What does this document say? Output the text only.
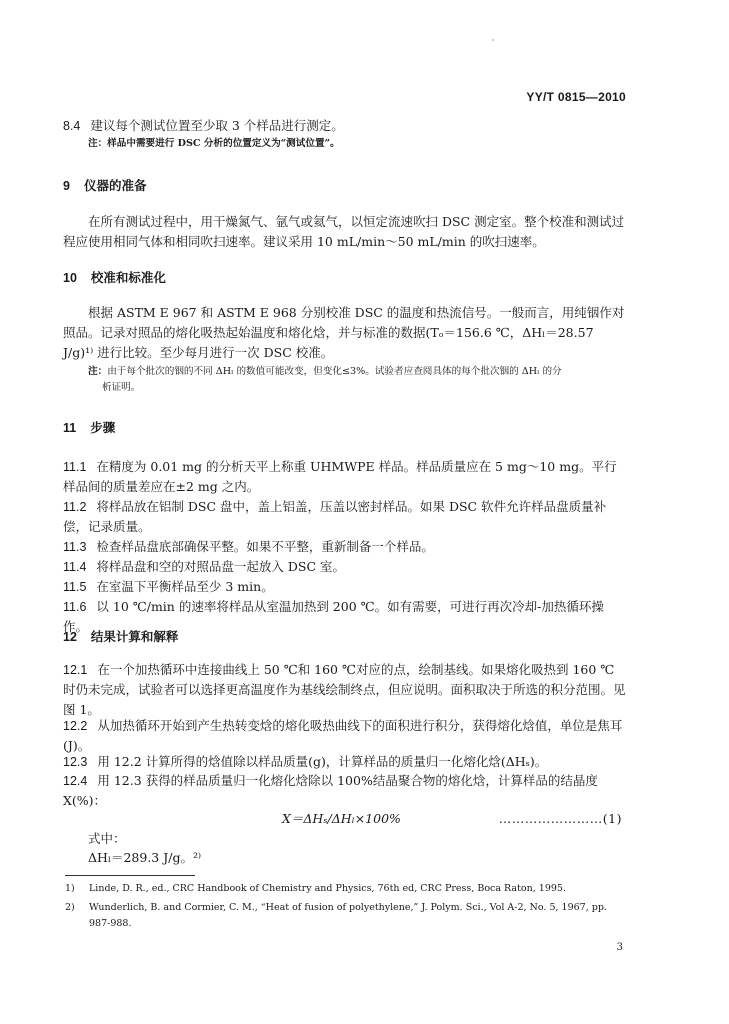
YY/T 0815—2010
8.4 建议每个测试位置至少取 3 个样品进行测定。
注：样品中需要进行 DSC 分析的位置定义为“测试位置”。
9 仪器的准备
在所有测试过程中，用干燥氮气、氩气或氦气，以恒定流速吹扫 DSC 测定室。整个校准和测试过程应使用相同气体和相同吹扫速率。建议采用 10 mL/min～50 mL/min 的吹扫速率。
10 校准和标准化
根据 ASTM E 967 和 ASTM E 968 分别校准 DSC 的温度和热流信号。一般而言，用纯铟作对照品。记录对照品的熔化吸热起始温度和熔化焓，并与标准的数据(Tₒ＝156.6 ℃，ΔHₗ＝28.57 J/g)¹⁾ 进行比较。至少每月进行一次 DSC 校准。
注：由于每个批次的铟的不同 ΔHₗ 的数值可能改变，但变化≤3%。试验者应查阅具体的每个批次铟的 ΔHₗ 的分
析证明。
11 步骤
11.1 在精度为 0.01 mg 的分析天平上称重 UHMWPE 样品。样品质量应在 5 mg～10 mg。平行样品间的质量差应在±2 mg 之内。
11.2 将样品放在铝制 DSC 盘中，盖上铝盖，压盖以密封样品。如果 DSC 软件允许样品盘质量补偿，记录质量。
11.3 检查样品盘底部确保平整。如果不平整，重新制备一个样品。
11.4 将样品盘和空的对照品盘一起放入 DSC 室。
11.5 在室温下平衡样品至少 3 min。
11.6 以 10 ℃/min 的速率将样品从室温加热到 200 ℃。如有需要，可进行再次冷却-加热循环操作。
12 结果计算和解释
12.1 在一个加热循环中连接曲线上 50 ℃和 160 ℃对应的点，绘制基线。如果熔化吸热到 160 ℃时仍未完成，试验者可以选择更高温度作为基线绘制终点，但应说明。面积取决于所选的积分范围。见图 1。
12.2 从加热循环开始到产生热转变焓的熔化吸热曲线下的面积进行积分，获得熔化焓值，单位是焦耳(J)。
12.3 用 12.2 计算所得的焓值除以样品质量(g)，计算样品的质量归一化熔化焓(ΔHₛ)。
12.4 用 12.3 获得的样品质量归一化熔化焓除以 100%结晶聚合物的熔化焓，计算样品的结晶度 X(%)：
X＝ΔHₛ/ΔHₗ×100%	……………………(1)
式中：
ΔHₗ＝289.3 J/g。²⁾
1) Linde, D. R., ed., CRC Handbook of Chemistry and Physics, 76th ed, CRC Press, Boca Raton, 1995.
2) Wunderlich, B. and Cormier, C. M., “Heat of fusion of polyethylene,” J. Polym. Sci., Vol A-2, No. 5, 1967, pp.
987-988.
3
